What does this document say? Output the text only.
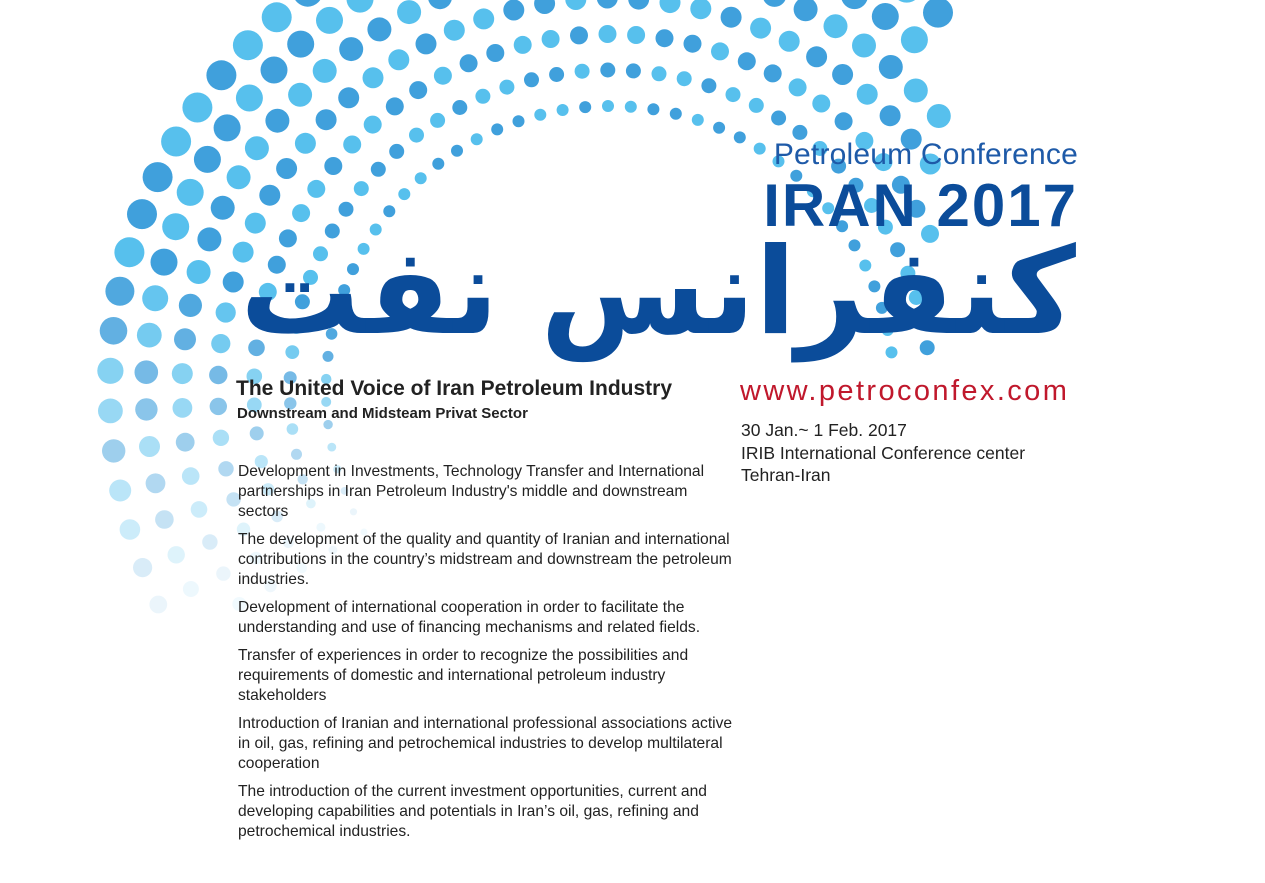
Petroleum Conference
IRAN 2017
کنفرانس نفت
The United Voice of Iran Petroleum Industry
Downstream and Midsteam Privat Sector
www.petroconfex.com
30 Jan.~ 1 Feb. 2017
IRIB International Conference center
Tehran-Iran
Development in Investments, Technology Transfer and International partnerships in Iran Petroleum Industry's middle and downstream sectors
The development of the quality and quantity of Iranian and international contributions in the country’s midstream and downstream the petroleum industries.
Development of international cooperation in order to facilitate the understanding and use of financing mechanisms and related fields.
Transfer of experiences in order to recognize the possibilities and requirements of domestic and international petroleum industry stakeholders
Introduction of Iranian and international professional associations active in oil, gas, refining and petrochemical industries to develop multilateral cooperation
The introduction of the current investment opportunities, current and developing capabilities and potentials in Iran’s oil, gas, refining and petrochemical industries.
